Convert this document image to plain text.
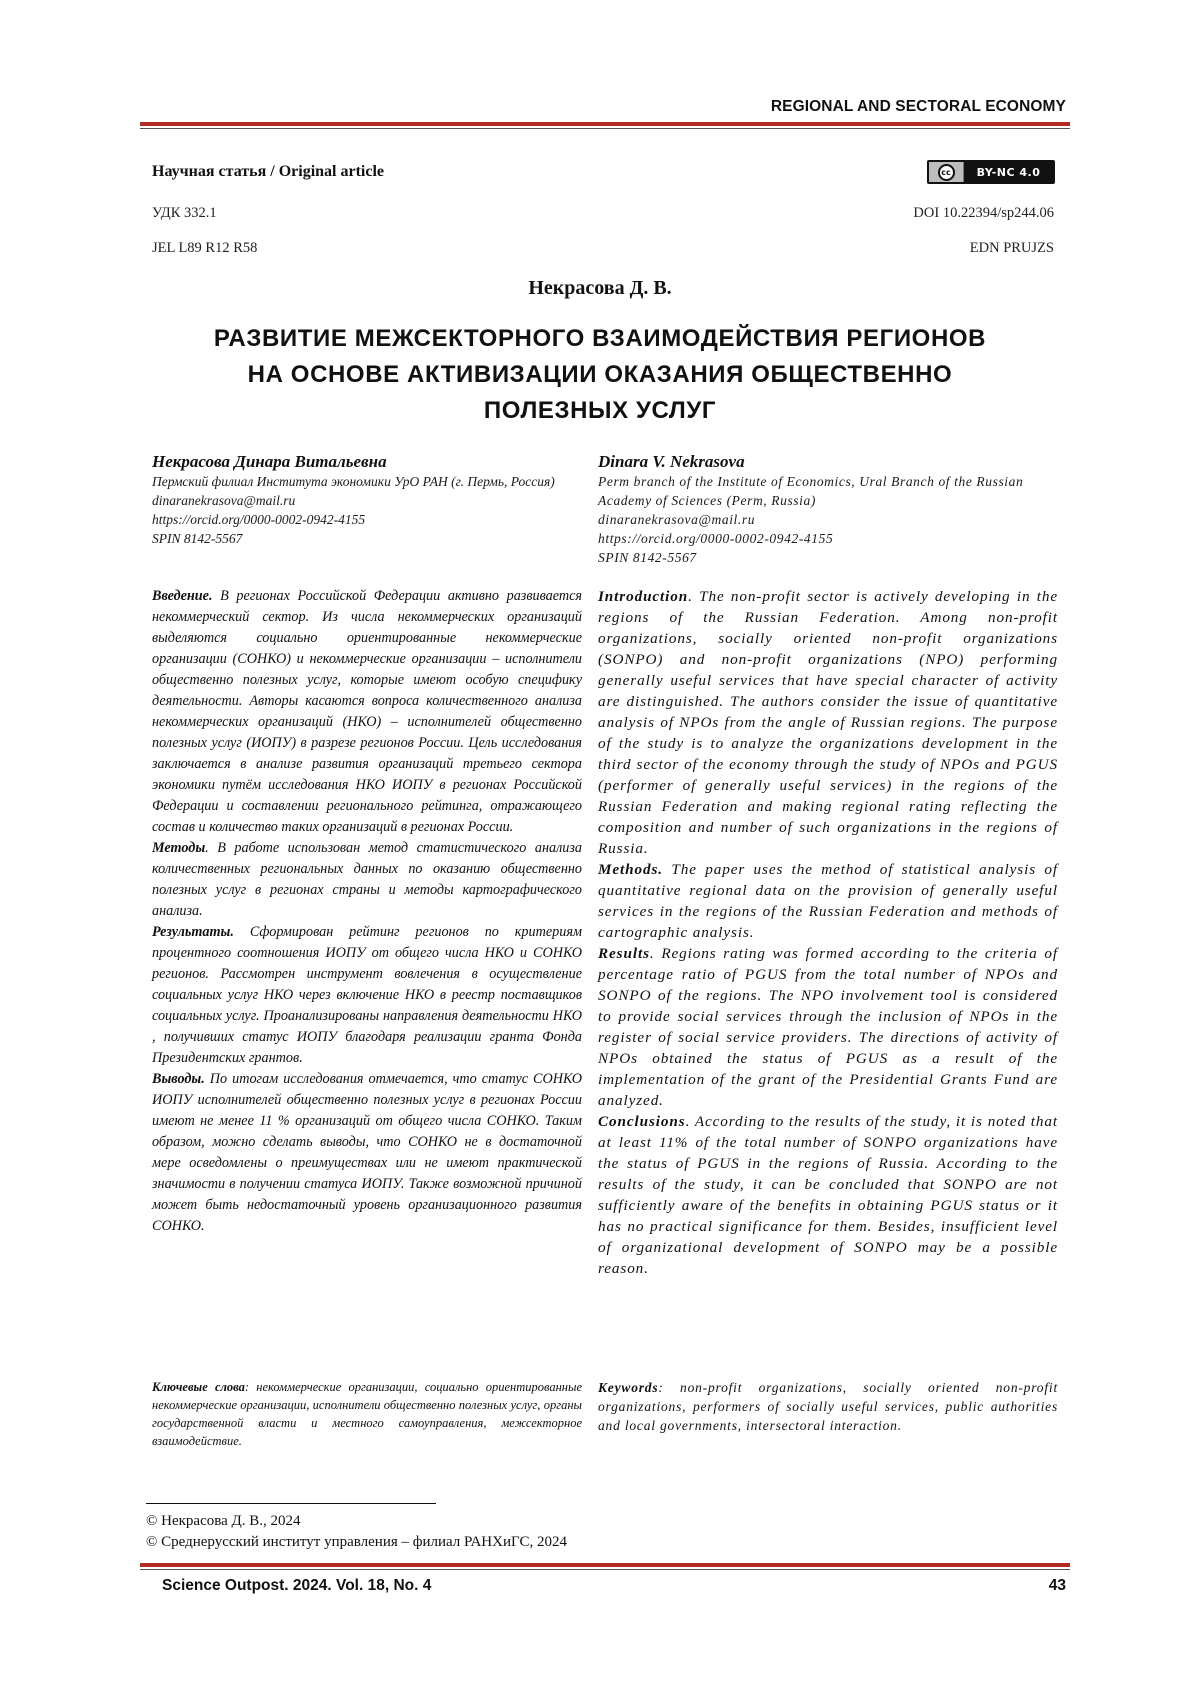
REGIONAL AND SECTORAL ECONOMY
Научная статья / Original article	cc	BY-NC 4.0
УДК 332.1	DOI 10.22394/sp244.06
JEL L89 R12 R58	EDN PRUJZS
Некрасова Д. В.
РАЗВИТИЕ МЕЖСЕКТОРНОГО ВЗАИМОДЕЙСТВИЯ РЕГИОНОВ
НА ОСНОВЕ АКТИВИЗАЦИИ ОКАЗАНИЯ ОБЩЕСТВЕННО
ПОЛЕЗНЫХ УСЛУГ
Некрасова Динара Витальевна
Пермский филиал Института экономики УрО РАН (г. Пермь, Россия)
dinaranekrasova@mail.ru
https://orcid.org/0000-0002-0942-4155
SPIN 8142-5567
Dinara V. Nekrasova
Perm branch of the Institute of Economics, Ural Branch of the Russian Academy of Sciences (Perm, Russia)
dinaranekrasova@mail.ru
https://orcid.org/0000-0002-0942-4155
SPIN 8142-5567

Введение. В регионах Российской Федерации активно развивается некоммерческий сектор. Из числа некоммерческих организаций выделяются социально ориентированные некоммерческие организации (СОНКО) и некоммерческие организации – исполнители общественно полезных услуг, которые имеют особую специфику деятельности. Авторы касаются вопроса количественного анализа некоммерческих организаций (НКО) – исполнителей общественно полезных услуг (ИОПУ) в разрезе регионов России. Цель исследования заключается в анализе развития организаций третьего сектора экономики путём исследования НКО ИОПУ в регионах Российской Федерации и составлении регионального рейтинга, отражающего состав и количество таких организаций в регионах России.

Методы. В работе использован метод статистического анализа количественных региональных данных по оказанию общественно полезных услуг в регионах страны и методы картографического анализа.

Результаты. Сформирован рейтинг регионов по критериям процентного соотношения ИОПУ от общего числа НКО и СОНКО регионов. Рассмотрен инструмент вовлечения в осуществление социальных услуг НКО через включение НКО в реестр поставщиков социальных услуг. Проанализированы направления деятельности НКО , получивших статус ИОПУ благодаря реализации гранта Фонда Президентских грантов.

Выводы. По итогам исследования отмечается, что статус СОНКО ИОПУ исполнителей общественно полезных услуг в регионах России имеют не менее 11 % организаций от общего числа СОНКО. Таким образом, можно сделать выводы, что СОНКО не в достаточной мере осведомлены о преимуществах или не имеют практической значимости в получении статуса ИОПУ. Также возможной причиной может быть недостаточный уровень организационного развития СОНКО.

Introduction. The non-profit sector is actively developing in the regions of the Russian Federation. Among non-profit organizations, socially oriented non-profit organizations (SONPO) and non-profit organizations (NPO) performing generally useful services that have special character of activity are distinguished. The authors consider the issue of quantitative analysis of NPOs from the angle of Russian regions. The purpose of the study is to analyze the organizations development in the third sector of the economy through the study of NPOs and PGUS (performer of generally useful services) in the regions of the Russian Federation and making regional rating reflecting the composition and number of such organizations in the regions of Russia.

Methods. The paper uses the method of statistical analysis of quantitative regional data on the provision of generally useful services in the regions of the Russian Federation and methods of cartographic analysis.

Results. Regions rating was formed according to the criteria of percentage ratio of PGUS from the total number of NPOs and SONPO of the regions. The NPO involvement tool is considered to provide social services through the inclusion of NPOs in the register of social service providers. The directions of activity of NPOs obtained the status of PGUS as a result of the implementation of the grant of the Presidential Grants Fund are analyzed.

Conclusions. According to the results of the study, it is noted that at least 11% of the total number of SONPO organizations have the status of PGUS in the regions of Russia. According to the results of the study, it can be concluded that SONPO are not sufficiently aware of the benefits in obtaining PGUS status or it has no practical significance for them. Besides, insufficient level of organizational development of SONPO may be a possible reason.

Ключевые слова: некоммерческие организации, социально ориентированные некоммерческие организации, исполнители общественно полезных услуг, органы государственной власти и местного самоуправления, межсекторное взаимодействие.
Keywords: non-profit organizations, socially oriented non-profit organizations, performers of socially useful services, public authorities and local governments, intersectoral interaction.
© Некрасова Д. В., 2024
© Среднерусский институт управления – филиал РАНХиГС, 2024
Science Outpost. 2024. Vol. 18, No. 4	43
